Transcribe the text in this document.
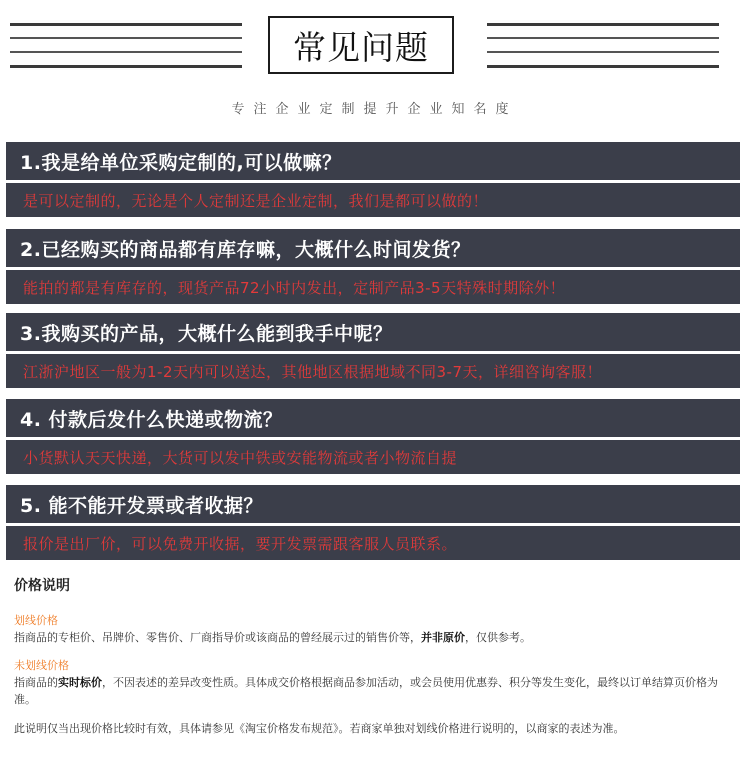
常见问题
专注企业定制提升企业知名度
1.我是给单位采购定制的,可以做嘛？
是可以定制的，无论是个人定制还是企业定制，我们是都可以做的！
2.已经购买的商品都有库存嘛，大概什么时间发货？
能拍的都是有库存的，现货产品72小时内发出，定制产品3-5天特殊时期除外！
3.我购买的产品，大概什么能到我手中呢？
江浙沪地区一般为1-2天内可以送达，其他地区根据地域不同3-7天，详细咨询客服！
4. 付款后发什么快递或物流？
小货默认天天快递，大货可以发中铁或安能物流或者小物流自提
5. 能不能开发票或者收据？
报价是出厂价，可以免费开收据，要开发票需跟客服人员联系。
价格说明
划线价格
指商品的专柜价、吊牌价、零售价、厂商指导价或该商品的曾经展示过的销售价等，并非原价，仅供参考。
未划线价格
指商品的实时标价，不因表述的差异改变性质。具体成交价格根据商品参加活动，或会员使用优惠券、积分等发生变化，最终以订单结算页价格为准。
此说明仅当出现价格比较时有效，具体请参见《淘宝价格发布规范》。若商家单独对划线价格进行说明的，以商家的表述为准。
